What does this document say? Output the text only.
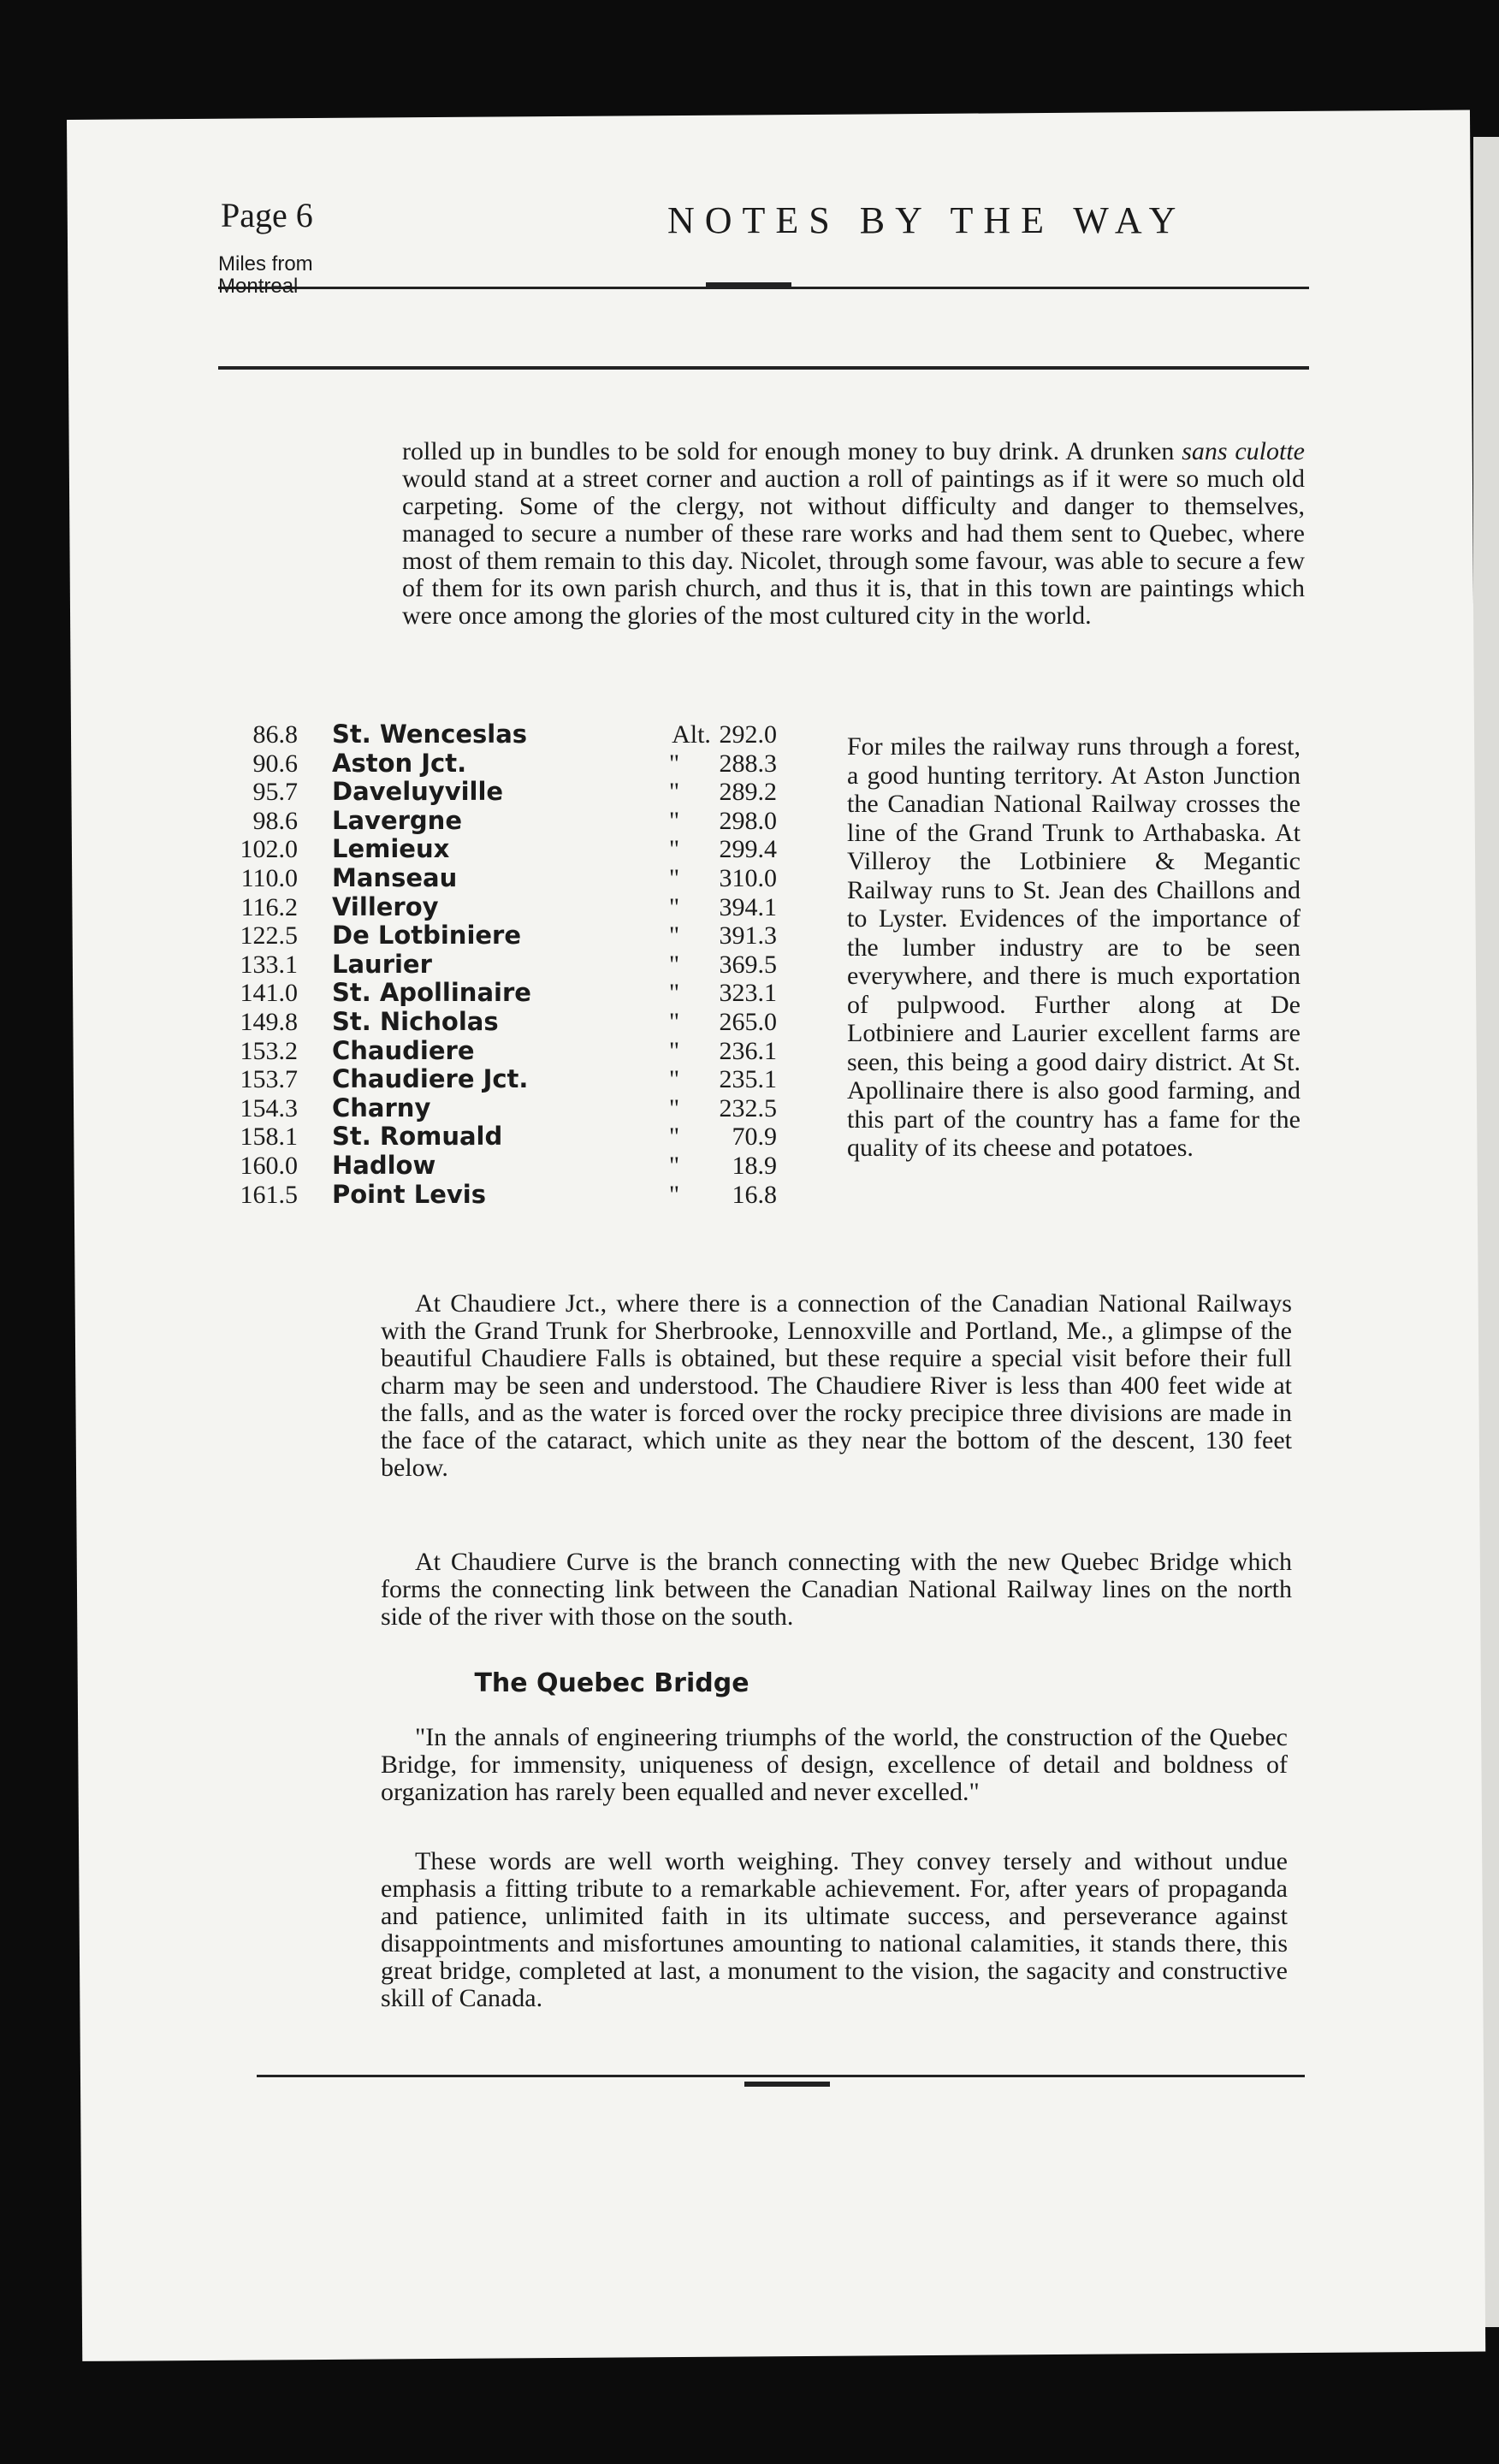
Page 6	NOTES BY THE WAY
Miles from Montreal
rolled up in bundles to be sold for enough money to buy drink. A drunken sans culotte would stand at a street corner and auction a roll of paintings as if it were so much old carpeting. Some of the clergy, not without difficulty and danger to themselves, managed to secure a number of these rare works and had them sent to Quebec, where most of them remain to this day. Nicolet, through some favour, was able to secure a few of them for its own parish church, and thus it is, that in this town are paintings which were once among the glories of the most cultured city in the world.
86.8 St. Wenceslas	Alt. 292.0
90.6 Aston Jct.	"	288.3
95.7 Daveluyville	"	289.2
98.6 Lavergne	"	298.0
102.0 Lemieux	"	299.4
110.0 Manseau	"	310.0
116.2 Villeroy	"	394.1
122.5 De Lotbiniere	"	391.3
133.1 Laurier	"	369.5
141.0 St. Apollinaire	"	323.1
149.8 St. Nicholas	"	265.0
153.2 Chaudiere	"	236.1
153.7 Chaudiere Jct.	"	235.1
154.3 Charny	"	232.5
158.1 St. Romuald	"	70.9
160.0 Hadlow	"	18.9
161.5 Point Levis	"	16.8
For miles the railway runs through a forest, a good hunting territory. At Aston Junction the Canadian National Railway crosses the line of the Grand Trunk to Arthabaska. At Villeroy the Lotbiniere & Megantic Railway runs to St. Jean des Chaillons and to Lyster. Evidences of the importance of the lumber industry are to be seen everywhere, and there is much exportation of pulpwood. Further along at De Lotbiniere and Laurier excellent farms are seen, this being a good dairy district. At St. Apollinaire there is also good farming, and this part of the country has a fame for the quality of its cheese and potatoes.
At Chaudiere Jct., where there is a connection of the Canadian National Railways with the Grand Trunk for Sherbrooke, Lennoxville and Portland, Me., a glimpse of the beautiful Chaudiere Falls is obtained, but these require a special visit before their full charm may be seen and understood. The Chaudiere River is less than 400 feet wide at the falls, and as the water is forced over the rocky precipice three divisions are made in the face of the cataract, which unite as they near the bottom of the descent, 130 feet below.
At Chaudiere Curve is the branch connecting with the new Quebec Bridge which forms the connecting link between the Canadian National Railway lines on the north side of the river with those on the south.
The Quebec Bridge
"In the annals of engineering triumphs of the world, the construction of the Quebec Bridge, for immensity, uniqueness of design, excellence of detail and boldness of organization has rarely been equalled and never excelled."
These words are well worth weighing. They convey tersely and without undue emphasis a fitting tribute to a remarkable achievement. For, after years of propaganda and patience, unlimited faith in its ultimate success, and perseverance against disappointments and misfortunes amounting to national calamities, it stands there, this great bridge, completed at last, a monument to the vision, the sagacity and constructive skill of Canada.
